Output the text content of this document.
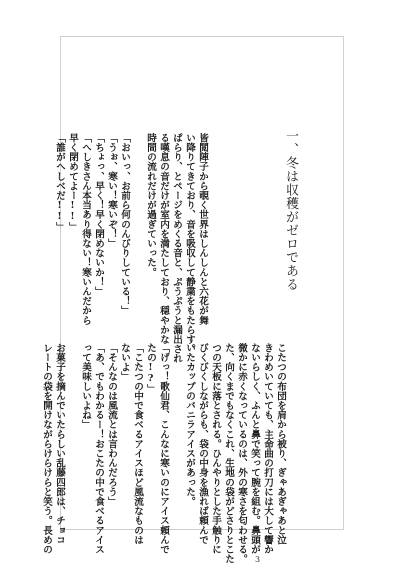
一、冬は収穫がゼロである
皆閲陣子から覗く世界はしんしんと六花が舞
い降りてきており、音を吸収して静粛をもたらす。
ぱらり、とページをめくる音と、ぷうぷうと漏出され
る嘆息の音だけが室内を満たしており、穏やかな
時間の流れだけが過ぎていった。

「おいっ、お前ら何のんびりしている！」
「うぉ、寒い！寒いぞ！」
「ちょっ、早く！早く閉めないか！」
「へしきさん本当あり得ない！寒いんだから
早く閉めてよー!!」
「誰がへしべだ!!」
こたつの布団を肩から被り、ぎゃあぎゃあと泣
きわめいていても、主命曲の打刀には大して響か
ないらしく、ふんと鼻で笑って腕を組む。鼻頭が
微かに赤くなっているのは、外の寒さを匂わせる。
た、向くまでもなくこれ、生地の袋がどさりとこた
つの天板に落とされる。ひんやりとした手触りに
びくびくしながらも、袋の中身を漁れば頼んで
いたカップのバニラアイスがあった。

「げっ！歌仙君、こんなに寒いのにアイス頼んで
たの!?」
「こたつの中で食べるアイスほど風流なものは
ないよ」
「そんなのは風流とは言わんだろう」
「あ、でもわかるー！おこたの中で食べるアイス
って美味しいよね」

お菓子を摘んでいたらしい乱藤四郎は、チョコ
レートの袋を開けながらけらけらと笑う。長めの
3
